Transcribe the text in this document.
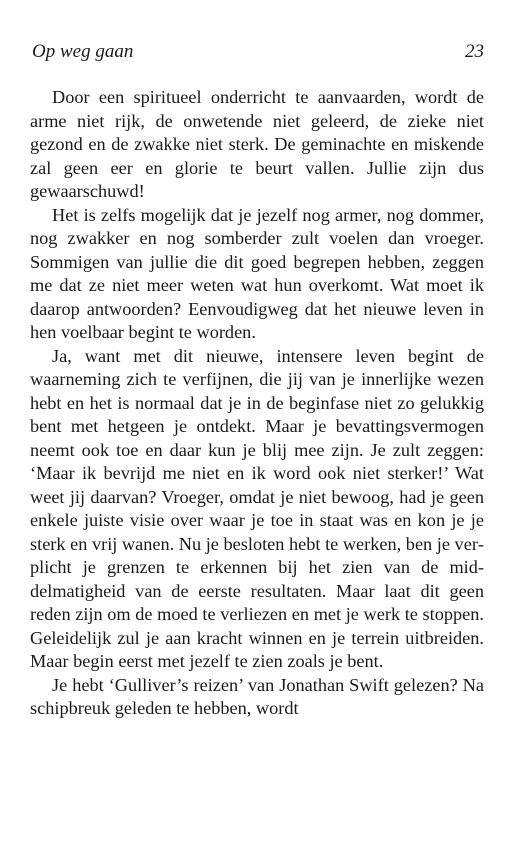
Op weg gaan	23

Door een spiritueel onderricht te aanvaarden, wordt de arme niet rijk, de onwetende niet geleerd, de zieke niet gezond en de zwakke niet sterk. De geminachte en miskende zal geen eer en glorie te beurt vallen. Jullie zijn dus gewaarschuwd!

Het is zelfs mogelijk dat je jezelf nog armer, nog dommer, nog zwakker en nog somberder zult voelen dan vroeger. Sommigen van jullie die dit goed begrepen hebben, zeggen me dat ze niet meer weten wat hun overkomt. Wat moet ik daarop antwoorden? Eenvoudigweg dat het nieuwe leven in hen voelbaar begint te worden.

Ja, want met dit nieuwe, intensere leven begint de waarneming zich te verfijnen, die jij van je innerlijke wezen hebt en het is normaal dat je in de beginfase niet zo gelukkig bent met hetgeen je ontdekt. Maar je bevattingsvermogen neemt ook toe en daar kun je blij mee zijn. Je zult zeggen: ‘Maar ik bevrijd me niet en ik word ook niet sterker!’ Wat weet jij daarvan? Vroeger, omdat je niet bewoog, had je geen enkele juiste visie over waar je toe in staat was en kon je je sterk en vrij wanen. Nu je besloten hebt te werken, ben je verplicht je grenzen te erkennen bij het zien van de middelmatigheid van de eerste resultaten. Maar laat dit geen reden zijn om de moed te verliezen en met je werk te stoppen. Geleidelijk zul je aan kracht winnen en je terrein uitbreiden. Maar begin eerst met jezelf te zien zoals je bent.

Je hebt ‘Gulliver’s reizen’ van Jonathan Swift gelezen? Na schipbreuk geleden te hebben, wordt
